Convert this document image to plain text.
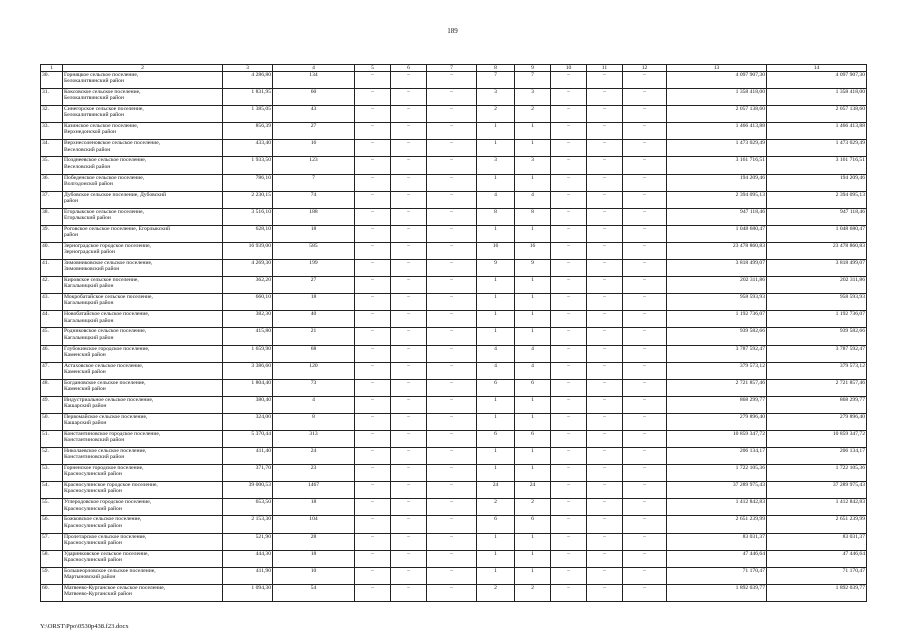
189
1	2	3	4	5	6	7	8	9	10	11	12	13	14
30.	Горняцкое сельское поселение,
Белокалитвинский район	4 286,80	134	–	–	–	7	7	–	–	–	4 097 907,30	4 097 907,30
31.	Коксовское сельское поселение,
Белокалитвинский район	1 831,95	60	–	–	–	3	3	–	–	–	1 358 418,00	1 358 418,00
32.	Синегорское сельское поселение,
Белокалитвинский район	1 385,05	43	–	–	–	2	2	–	–	–	2 057 138,60	2 057 138,60
33.	Казинское сельское поселение,
Верхнедонской район	856,39	27	–	–	–	1	1	–	–	–	1 466 413,88	1 466 413,88
34.	Верхнесоленовское сельское поселение,
Веселовский район	433,40	16	–	–	–	1	1	–	–	–	1 473 029,49	1 473 029,49
35.	Позднеевское сельское поселение,
Веселовский район	1 933,50	123	–	–	–	3	3	–	–	–	3 161 716,51	3 161 716,51
36.	Победенское сельское поселение,
Волгодонской район	786,10	7	–	–	–	1	1	–	–	–	194 209,46	194 209,46
37.	Дубовское сельское поселение, Дубовский
район	2 230,15	74	–	–	–	4	4	–	–	–	2 394 095,13	2 394 095,13
38.	Егорлыкское сельское поселение,
Егорлыкский район	3 516,10	188	–	–	–	8	8	–	–	–	947 118,46	947 118,46
39.	Роговское сельское поселение, Егорлыкский
район	628,10	18	–	–	–	1	1	–	–	–	1 048 680,47	1 048 680,47
40.	Зерноградское городское поселение,
Зерноградский район	16 939,00	585	–	–	–	16	16	–	–	–	23 478 860,83	23 478 860,83
41.	Зимовниковское сельское поселение,
Зимовниковский район	4 269,30	199	–	–	–	9	9	–	–	–	3 818 499,07	3 818 499,07
42.	Кировское сельское поселение,
Кагальницкий район	362,20	27	–	–	–	1	1	–	–	–	202 311,86	202 311,86
43.	Мокробатайское сельское поселение,
Кагальницкий район	660,10	18	–	–	–	1	1	–	–	–	958 593,93	958 593,93
44.	Новобатайское сельское поселение,
Кагальницкий район	382,30	40	–	–	–	1	1	–	–	–	1 192 736,07	1 192 736,07
45.	Родниковское сельское поселение,
Кагальницкий район	415,80	21	–	–	–	1	1	–	–	–	939 582,66	939 582,66
46.	Глубокинское городское поселение,
Каменский район	1 659,90	68	–	–	–	4	4	–	–	–	3 787 592,47	3 787 592,47
47.	Астаховское сельское поселение,
Каменский район	3 386,60	120	–	–	–	4	4	–	–	–	379 573,12	379 573,12
48.	Богдановское сельское поселение,
Каменский район	1 804,40	73	–	–	–	6	6	–	–	–	2 721 857,46	2 721 857,46
49.	Индустриальное сельское поселение,
Кашарский район	380,40	4	–	–	–	1	1	–	–	–	868 299,77	868 299,77
50.	Первомайское сельское поселение,
Кашарский район	324,00	8	–	–	–	1	1	–	–	–	279 896,40	279 896,40
51.	Константиновское городское поселение,
Константиновский район	5 370,44	313	–	–	–	6	6	–	–	–	10 859 347,72	10 859 347,72
52.	Николаевское сельское поселение,
Константиновский район	411,40	24	–	–	–	1	1	–	–	–	206 134,17	206 134,17
53.	Горненское городское поселение,
Красносулинский район	371,70	23	–	–	–	1	1	–	–	–	1 722 105,36	1 722 105,36
54.	Красносулинское городское поселение,
Красносулинский район	39 000,53	1467	–	–	–	24	24	–	–	–	37 289 975,43	37 289 975,43
55.	Углеродовское городское поселение,
Красносулинский район	653,50	18	–	–	–	2	2	–	–	–	1 412 842,83	1 412 842,83
56.	Божковское сельское поселение,
Красносулинский район	2 153,30	104	–	–	–	6	6	–	–	–	2 651 239,99	2 651 239,99
57.	Пролетарское сельское поселение,
Красносулинский район	521,90	28	–	–	–	1	1	–	–	–	83 031,37	83 031,37
58.	Ударинковское сельское поселение,
Красносулинский район	444,30	18	–	–	–	1	1	–	–	–	47 446,64	47 446,64
59.	Большеорловское сельское поселение,
Мартыновский район	411,90	10	–	–	–	1	1	–	–	–	71 170,47	71 170,47
60.	Матвеево-Курганское сельское поселение,
Матвеево-Курганский район	1 094,30	54	–	–	–	2	2	–	–	–	1 892 039,77	1 892 039,77
Y:\ORST\Ppo\0530p438.f23.docx
